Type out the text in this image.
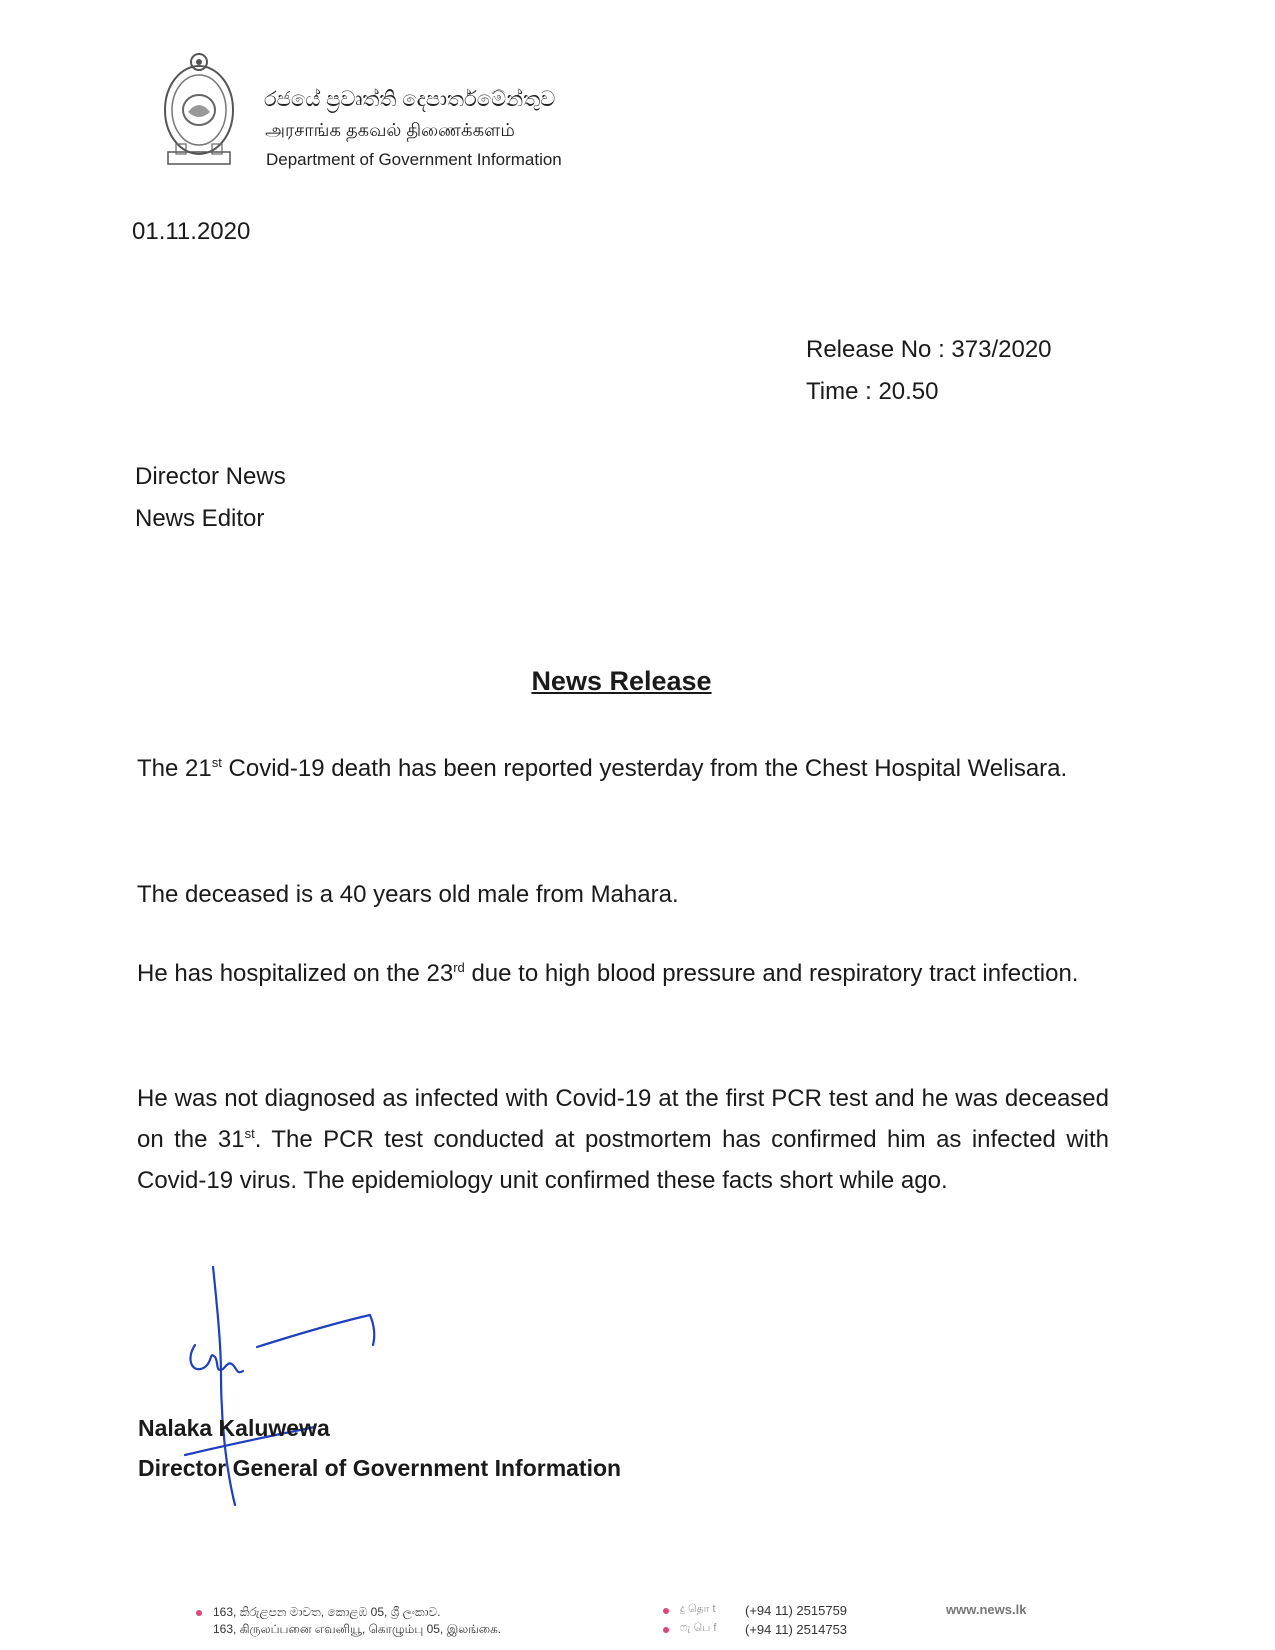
රජයේ ප්‍රවෘත්ති දෙපාර්තමේන්තුව
அரசாங்க தகவல் திணைக்களம்
Department of Government Information
01.11.2020
Release No : 373/2020
Time : 20.50
Director News
News Editor
News Release
The 21st Covid-19 death has been reported yesterday from the Chest Hospital Welisara.
The deceased is a 40 years old male from Mahara.
He has hospitalized on the 23rd due to high blood pressure and respiratory tract infection.
He was not diagnosed as infected with Covid-19 at the first PCR test and he was deceased on the 31st. The PCR test conducted at postmortem has confirmed him as infected with Covid-19 virus. The epidemiology unit confirmed these facts short while ago.
Nalaka Kaluwewa
Director General of Government Information
163, කිරුළපන මාවත, කොළඹ 05, ශ්‍රී ලංකාව.
163, கிருலப்பனை எவனியூ, கொழும்பு 05, இலங்கை.
දු தொ t (+94 11) 2515759
ෆැ பெ f (+94 11) 2514753
www.news.lk
